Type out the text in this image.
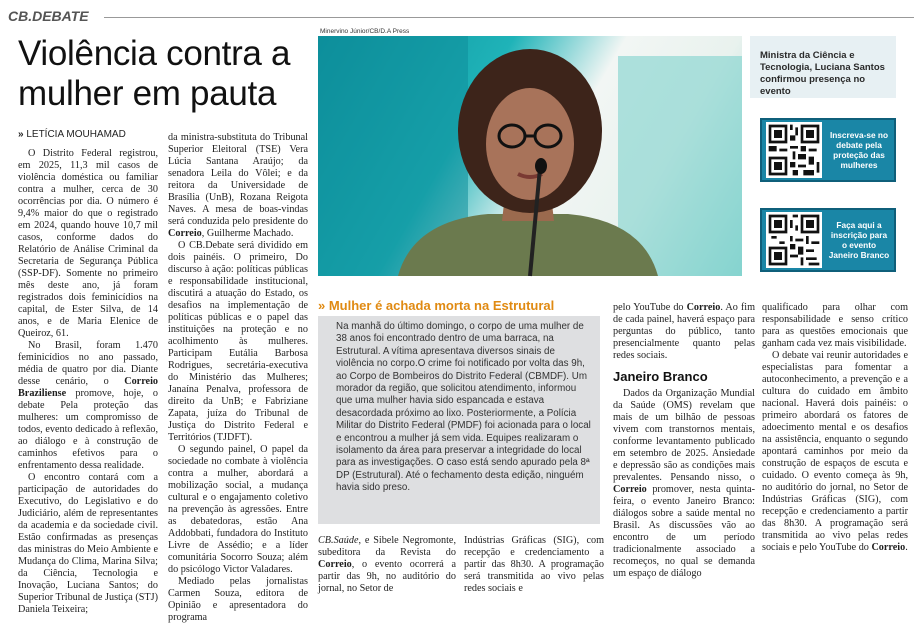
CB.DEBATE
Violência contra a mulher em pauta
» LETÍCIA MOUHAMAD

O Distrito Federal registrou, em 2025, 11,3 mil casos de violência doméstica ou familiar contra a mulher, cerca de 30 ocorrências por dia. O número é 9,4% maior do que o registrado em 2024, quando houve 10,7 mil casos, conforme dados do Relatório de Análise Criminal da Secretaria de Segurança Pública (SSP-DF). Somente no primeiro mês deste ano, já foram registrados dois feminicídios na capital, de Ester Silva, de 14 anos, e de Maria Elenice de Queiroz, 61.

No Brasil, foram 1.470 feminicídios no ano passado, média de quatro por dia. Diante desse cenário, o Correio Braziliense promove, hoje, o debate Pela proteção das mulheres: um compromisso de todos, evento dedicado à reflexão, ao diálogo e à construção de caminhos efetivos para o enfrentamento dessa realidade.

O encontro contará com a participação de autoridades do Executivo, do Legislativo e do Judiciário, além de representantes da academia e da sociedade civil. Estão confirmadas as presenças das ministras do Meio Ambiente e Mudança do Clima, Marina Silva; da Ciência, Tecnologia e Inovação, Luciana Santos; do Superior Tribunal de Justiça (STJ) Daniela Teixeira;

da ministra-substituta do Tribunal Superior Eleitoral (TSE) Vera Lúcia Santana Araújo; da senadora Leila do Vôlei; e da reitora da Universidade de Brasília (UnB), Rozana Reigota Naves. A mesa de boas-vindas será conduzida pelo presidente do Correio, Guilherme Machado.

O CB.Debate será dividido em dois painéis. O primeiro, Do discurso à ação: políticas públicas e responsabilidade institucional, discutirá a atuação do Estado, os desafios na implementação de políticas públicas e o papel das instituições na proteção e no acolhimento às mulheres. Participam Eutália Barbosa Rodrigues, secretária-executiva do Ministério das Mulheres; Janaína Penalva, professora de direito da UnB; e Fabriziane Zapata, juíza do Tribunal de Justiça do Distrito Federal e Territórios (TJDFT).

O segundo painel, O papel da sociedade no combate à violência contra a mulher, abordará a mobilização social, a mudança cultural e o engajamento coletivo na prevenção às agressões. Entre as debatedoras, estão Ana Addobbati, fundadora do Instituto Livre de Assédio; e a líder comunitária Socorro Souza; além do psicólogo Victor Valadares.

Mediado pelas jornalistas Carmen Souza, editora de Opinião e apresentadora do programa

Minervino Júnior/CB/D.A Press
Ministra da Ciência e Tecnologia, Luciana Santos confirmou presença no evento
Inscreva-se no debate pela proteção das mulheres
Faça aqui a inscrição para o evento Janeiro Branco
» Mulher é achada morta na Estrutural
Na manhã do último domingo, o corpo de uma mulher de 38 anos foi encontrado dentro de uma barraca, na Estrutural. A vítima apresentava diversos sinais de violência no corpo.O crime foi notificado por volta das 9h, ao Corpo de Bombeiros do Distrito Federal (CBMDF). Um morador da região, que solicitou atendimento, informou que uma mulher havia sido espancada e estava desacordada próximo ao lixo. Posteriormente, a Polícia Militar do Distrito Federal (PMDF) foi acionada para o local e encontrou a mulher já sem vida. Equipes realizaram o isolamento da área para preservar a integridade do local para as investigações. O caso está sendo apurado pela 8ª DP (Estrutural). Até o fechamento desta edição, ninguém havia sido preso.

CB.Saúde, e Sibele Negromonte, subeditora da Revista do Correio, o evento ocorrerá a partir das 9h, no auditório do jornal, no Setor de

Indústrias Gráficas (SIG), com recepção e credenciamento a partir das 8h30. A programação será transmitida ao vivo pelas redes sociais e

pelo YouTube do Correio. Ao fim de cada painel, haverá espaço para perguntas do público, tanto presencialmente quanto pelas redes sociais.

Janeiro Branco

Dados da Organização Mundial da Saúde (OMS) revelam que mais de um bilhão de pessoas vivem com transtornos mentais, conforme levantamento publicado em setembro de 2025. Ansiedade e depressão são as condições mais prevalentes. Pensando nisso, o Correio promover, nesta quinta-feira, o evento Janeiro Branco: diálogos sobre a saúde mental no Brasil. As discussões vão ao encontro de um período tradicionalmente associado a recomeços, no qual se demanda um espaço de diálogo

qualificado para olhar com responsabilidade e senso crítico para as questões emocionais que ganham cada vez mais visibilidade.

O debate vai reunir autoridades e especialistas para fomentar a autoconhecimento, a prevenção e a cultura do cuidado em âmbito nacional. Haverá dois painéis: o primeiro abordará os fatores de adoecimento mental e os desafios na assistência, enquanto o segundo apontará caminhos por meio da construção de espaços de escuta e cuidado. O evento começa às 9h, no auditório do jornal, no Setor de Indústrias Gráficas (SIG), com recepção e credenciamento a partir das 8h30. A programação será transmitida ao vivo pelas redes sociais e pelo YouTube do Correio.
